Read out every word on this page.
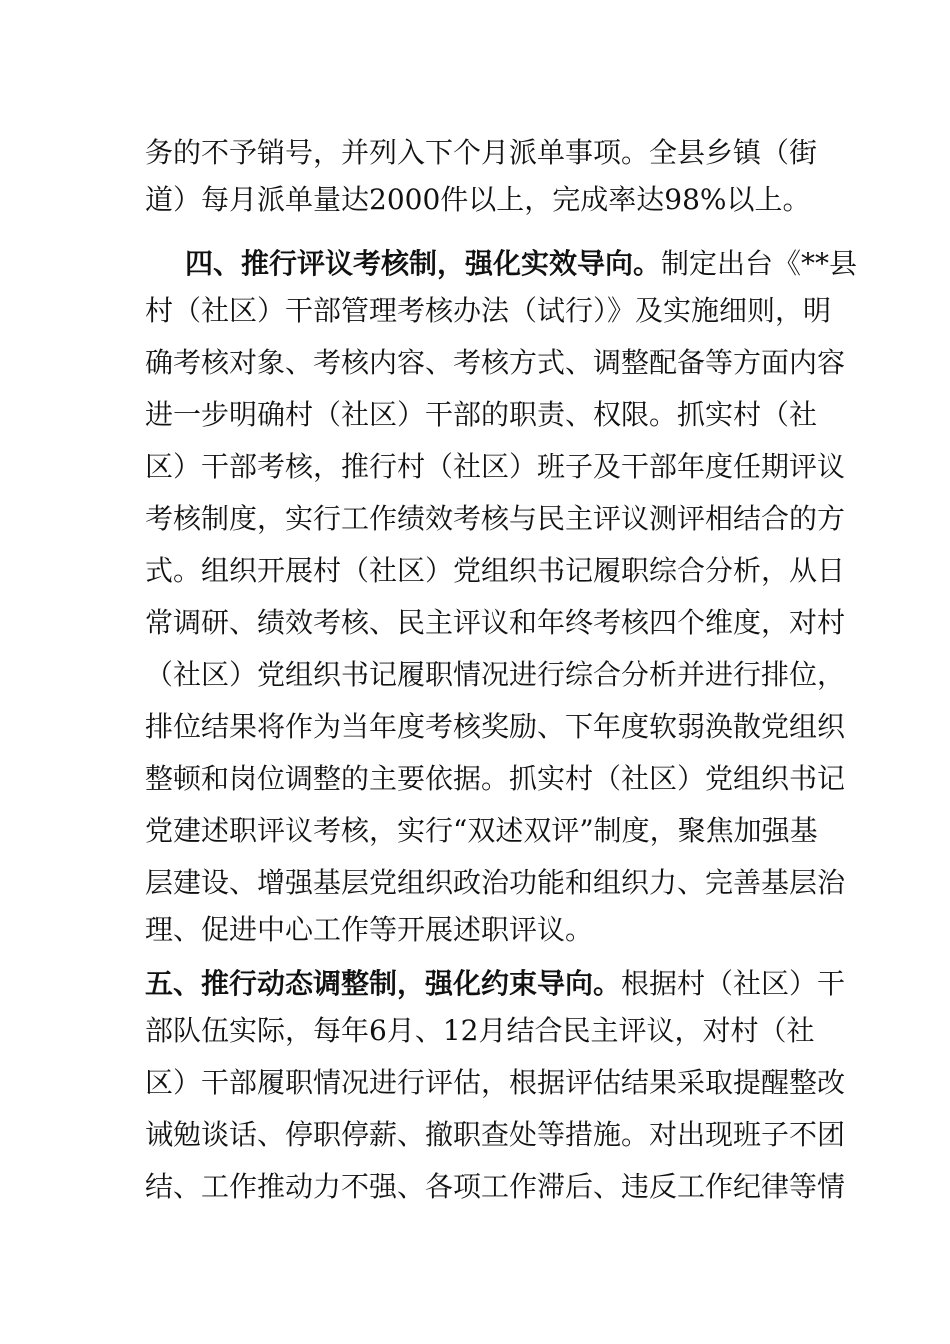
务的不予销号，并列入下个月派单事项。全县乡镇（街
道）每月派单量达2000件以上，完成率达98%以上。
四、推行评议考核制，强化实效导向。制定出台《**县
村（社区）干部管理考核办法（试行）》及实施细则，明
确考核对象、考核内容、考核方式、调整配备等方面内容
进一步明确村（社区）干部的职责、权限。抓实村（社
区）干部考核，推行村（社区）班子及干部年度任期评议
考核制度，实行工作绩效考核与民主评议测评相结合的方
式。组织开展村（社区）党组织书记履职综合分析，从日
常调研、绩效考核、民主评议和年终考核四个维度，对村
（社区）党组织书记履职情况进行综合分析并进行排位，
排位结果将作为当年度考核奖励、下年度软弱涣散党组织
整顿和岗位调整的主要依据。抓实村（社区）党组织书记
党建述职评议考核，实行“双述双评”制度，聚焦加强基
层建设、增强基层党组织政治功能和组织力、完善基层治
理、促进中心工作等开展述职评议。
五、推行动态调整制，强化约束导向。根据村（社区）干
部队伍实际，每年6月、12月结合民主评议，对村（社
区）干部履职情况进行评估，根据评估结果采取提醒整改
诫勉谈话、停职停薪、撤职查处等措施。对出现班子不团
结、工作推动力不强、各项工作滞后、违反工作纪律等情
